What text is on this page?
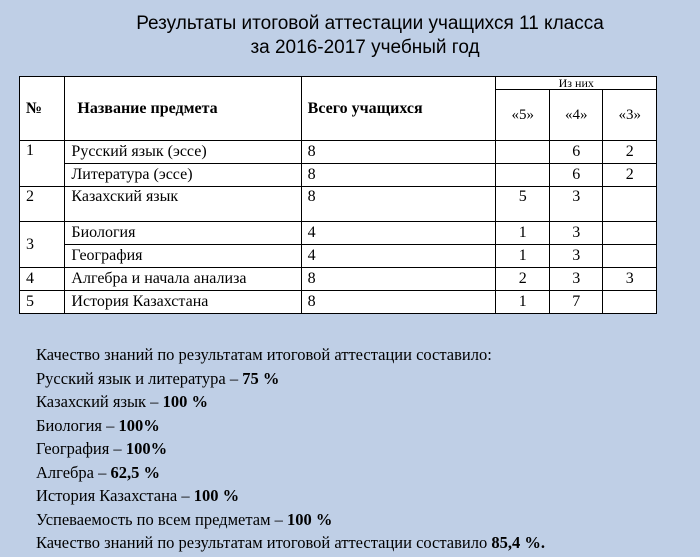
Результаты итоговой аттестации учащихся 11 класса
за 2016-2017 учебный год
№	Название предмета	Всего учащихся	Из них		
			«5»	«4»	«3»
1	Русский язык (эссе)	8		6	2
	Литература (эссе)	8		6	2
2	Казахский язык	8	5	3	
3	Биология	4	1	3	
	География	4	1	3	
4	Алгебра и начала анализа	8	2	3	3
5	История Казахстана	8	1	7	
Качество знаний по результатам итоговой аттестации составило:
Русский язык и литература – 75 %
Казахский язык – 100 %
Биология – 100%
География – 100%
Алгебра – 62,5 %
История Казахстана – 100 %
Успеваемость по всем предметам – 100 %
Качество знаний по результатам итоговой аттестации составило 85,4 %.
